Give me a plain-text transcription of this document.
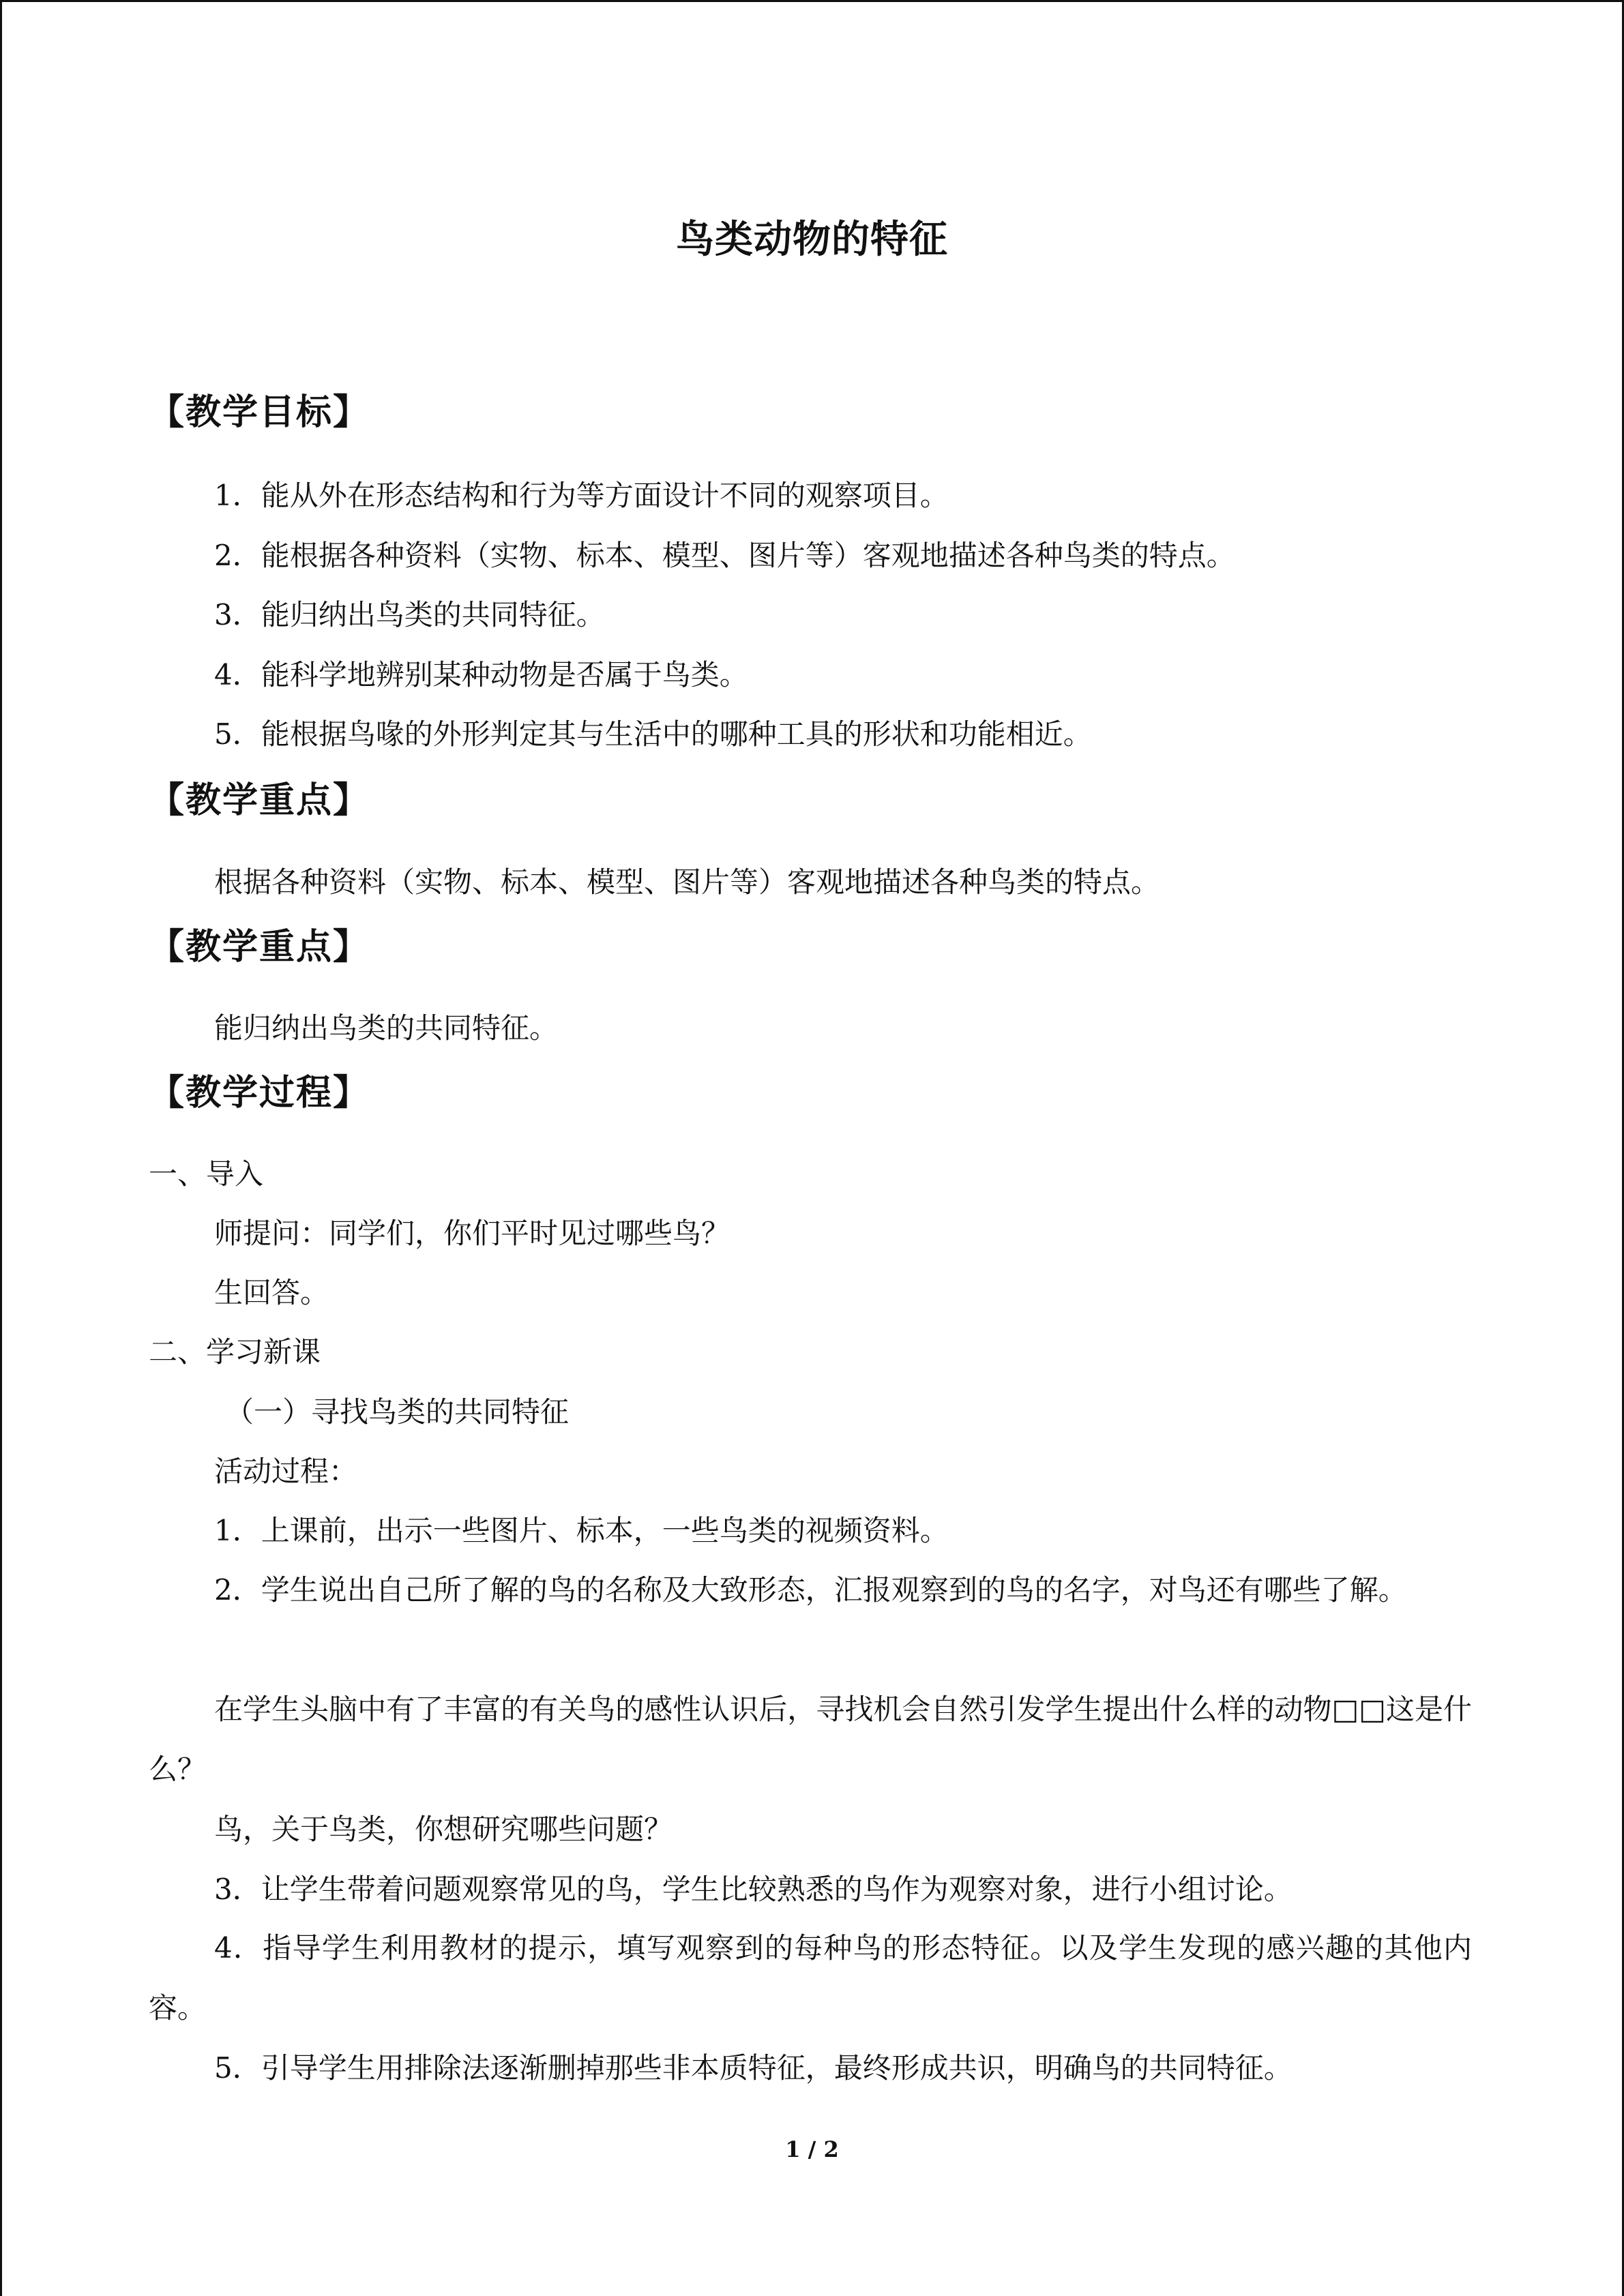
鸟类动物的特征
【教学目标】
1．能从外在形态结构和行为等方面设计不同的观察项目。
2．能根据各种资料（实物、标本、模型、图片等）客观地描述各种鸟类的特点。
3．能归纳出鸟类的共同特征。
4．能科学地辨别某种动物是否属于鸟类。
5．能根据鸟喙的外形判定其与生活中的哪种工具的形状和功能相近。
【教学重点】
根据各种资料（实物、标本、模型、图片等）客观地描述各种鸟类的特点。
【教学重点】
能归纳出鸟类的共同特征。
【教学过程】
一、导入
师提问：同学们，你们平时见过哪些鸟？
生回答。
二、学习新课
（一）寻找鸟类的共同特征
活动过程：
1．上课前，出示一些图片、标本，一些鸟类的视频资料。
2．学生说出自己所了解的鸟的名称及大致形态，汇报观察到的鸟的名字，对鸟还有哪些了解。
在学生头脑中有了丰富的有关鸟的感性认识后，寻找机会自然引发学生提出什么样的动物□□这是什么？
鸟，关于鸟类，你想研究哪些问题？
3．让学生带着问题观察常见的鸟，学生比较熟悉的鸟作为观察对象，进行小组讨论。
4．指导学生利用教材的提示，填写观察到的每种鸟的形态特征。以及学生发现的感兴趣的其他内容。
5．引导学生用排除法逐渐删掉那些非本质特征，最终形成共识，明确鸟的共同特征。
1 / 2
